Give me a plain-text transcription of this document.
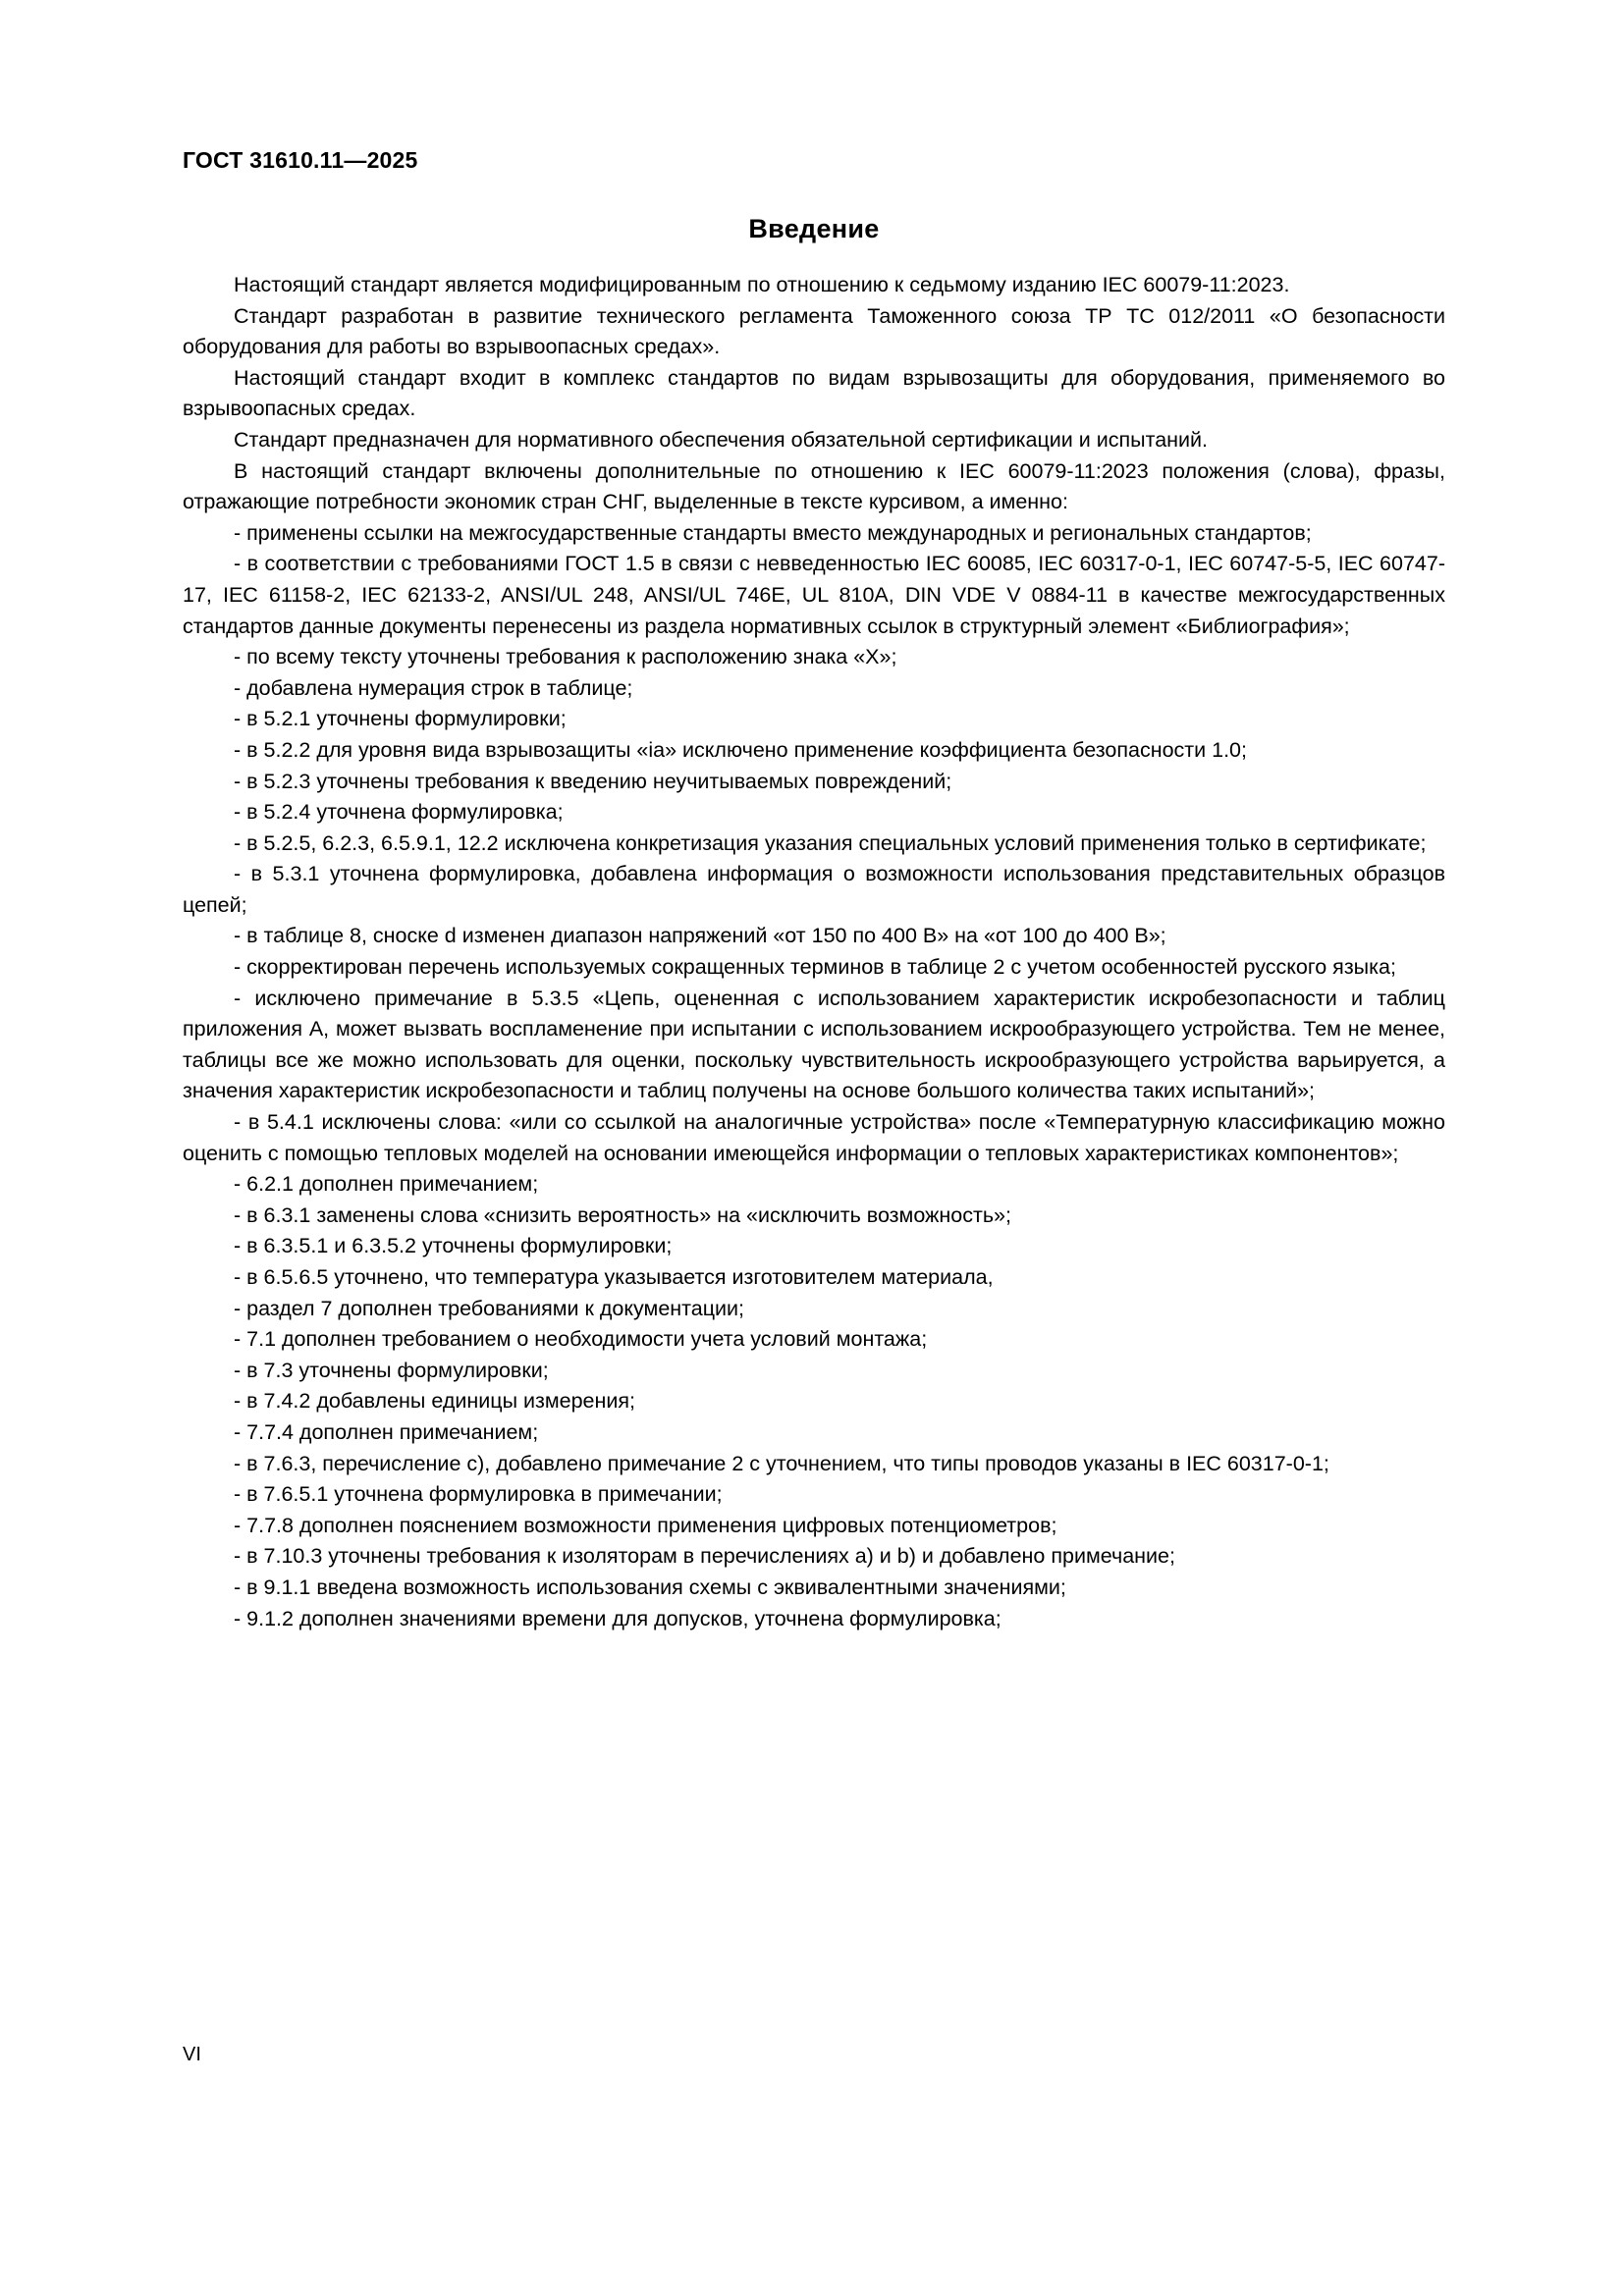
ГОСТ 31610.11—2025
Введение

Настоящий стандарт является модифицированным по отношению к седьмому изданию IEC 60079-11:2023.

Стандарт разработан в развитие технического регламента Таможенного союза ТР ТС 012/2011 «О безопасности оборудования для работы во взрывоопасных средах».

Настоящий стандарт входит в комплекс стандартов по видам взрывозащиты для оборудования, применяемого во взрывоопасных средах.

Стандарт предназначен для нормативного обеспечения обязательной сертификации и испытаний.

В настоящий стандарт включены дополнительные по отношению к IEC 60079-11:2023 положения (слова), фразы, отражающие потребности экономик стран СНГ, выделенные в тексте курсивом, а именно:

- применены ссылки на межгосударственные стандарты вместо международных и региональных стандартов;

- в соответствии с требованиями ГОСТ 1.5 в связи с невведенностью IEC 60085, IEC 60317-0-1, IEC 60747-5-5, IEC 60747-17, IEC 61158-2, IEC 62133-2, ANSI/UL 248, ANSI/UL 746E, UL 810A, DIN VDE V 0884-11 в качестве межгосударственных стандартов данные документы перенесены из раздела нормативных ссылок в структурный элемент «Библиография»;

- по всему тексту уточнены требования к расположению знака «X»;

- добавлена нумерация строк в таблице;

- в 5.2.1 уточнены формулировки;

- в 5.2.2 для уровня вида взрывозащиты «ia» исключено применение коэффициента безопасности 1.0;

- в 5.2.3 уточнены требования к введению неучитываемых повреждений;

- в 5.2.4 уточнена формулировка;

- в 5.2.5, 6.2.3, 6.5.9.1, 12.2 исключена конкретизация указания специальных условий применения только в сертификате;

- в 5.3.1 уточнена формулировка, добавлена информация о возможности использования представительных образцов цепей;

- в таблице 8, сноске d изменен диапазон напряжений «от 150 по 400 В» на «от 100 до 400 В»;

- скорректирован перечень используемых сокращенных терминов в таблице 2 с учетом особенностей русского языка;

- исключено примечание в 5.3.5 «Цепь, оцененная с использованием характеристик искробезопасности и таблиц приложения А, может вызвать воспламенение при испытании с использованием искрообразующего устройства. Тем не менее, таблицы все же можно использовать для оценки, поскольку чувствительность искрообразующего устройства варьируется, а значения характеристик искробезопасности и таблиц получены на основе большого количества таких испытаний»;

- в 5.4.1 исключены слова: «или со ссылкой на аналогичные устройства» после «Температурную классификацию можно оценить с помощью тепловых моделей на основании имеющейся информации о тепловых характеристиках компонентов»;

- 6.2.1 дополнен примечанием;

- в 6.3.1 заменены слова «снизить вероятность» на «исключить возможность»;

- в 6.3.5.1 и 6.3.5.2 уточнены формулировки;

- в 6.5.6.5 уточнено, что температура указывается изготовителем материала,

- раздел 7 дополнен требованиями к документации;

- 7.1 дополнен требованием о необходимости учета условий монтажа;

- в 7.3 уточнены формулировки;

- в 7.4.2 добавлены единицы измерения;

- 7.7.4 дополнен примечанием;

- в 7.6.3, перечисление c), добавлено примечание 2 с уточнением, что типы проводов указаны в IEC 60317-0-1;

- в 7.6.5.1 уточнена формулировка в примечании;

- 7.7.8 дополнен пояснением возможности применения цифровых потенциометров;

- в 7.10.3 уточнены требования к изоляторам в перечислениях a) и b) и добавлено примечание;

- в 9.1.1 введена возможность использования схемы с эквивалентными значениями;

- 9.1.2 дополнен значениями времени для допусков, уточнена формулировка;

VI
